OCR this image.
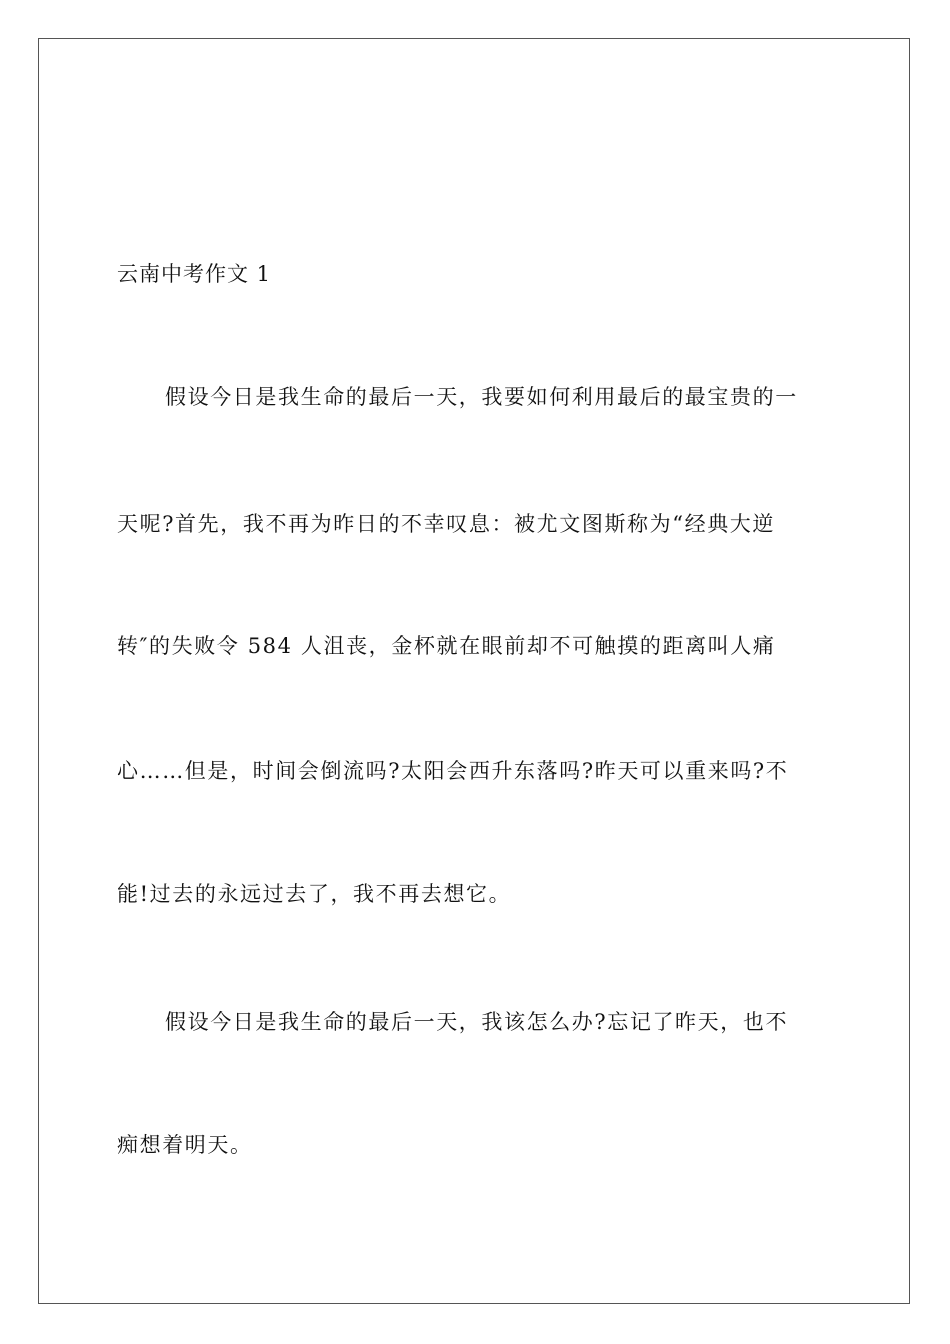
云南中考作文 1
假设今日是我生命的最后一天，我要如何利用最后的最宝贵的一
天呢?首先，我不再为昨日的不幸叹息：被尤文图斯称为“经典大逆
转″的失败令 584 人沮丧，金杯就在眼前却不可触摸的距离叫人痛
心……但是，时间会倒流吗?太阳会西升东落吗?昨天可以重来吗?不
能!过去的永远过去了，我不再去想它。
假设今日是我生命的最后一天，我该怎么办?忘记了昨天，也不
痴想着明天。
